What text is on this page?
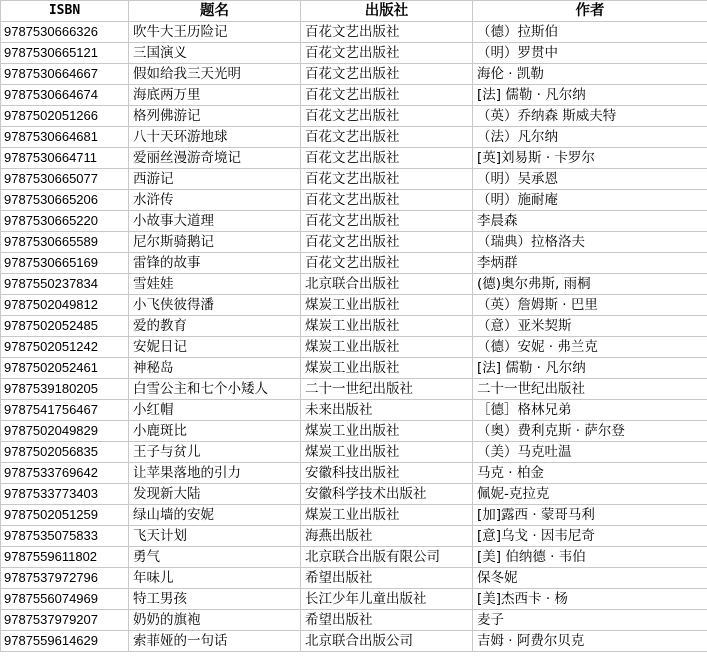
ISBN	题名	出版社	作者
9787530666326	吹牛大王历险记	百花文艺出版社	（德）拉斯伯
9787530665121	三国演义	百花文艺出版社	（明）罗贯中
9787530664667	假如给我三天光明	百花文艺出版社	海伦 · 凯勒
9787530664674	海底两万里	百花文艺出版社	[法] 儒勒 · 凡尔纳
9787502051266	格列佛游记	百花文艺出版社	（英）乔纳森 斯威夫特
9787530664681	八十天环游地球	百花文艺出版社	（法）凡尔纳
9787530664711	爱丽丝漫游奇境记	百花文艺出版社	[英]刘易斯 · 卡罗尔
9787530665077	西游记	百花文艺出版社	（明）吴承恩
9787530665206	水浒传	百花文艺出版社	（明）施耐庵
9787530665220	小故事大道理	百花文艺出版社	李晨森
9787530665589	尼尔斯骑鹅记	百花文艺出版社	（瑞典）拉格洛夫
9787530665169	雷锋的故事	百花文艺出版社	李炳群
9787550237834	雪娃娃	北京联合出版社	(德)奥尔弗斯, 雨桐
9787502049812	小飞侠彼得潘	煤炭工业出版社	（英）詹姆斯 · 巴里
9787502052485	爱的教育	煤炭工业出版社	（意）亚米契斯
9787502051242	安妮日记	煤炭工业出版社	（德）安妮 · 弗兰克
9787502052461	神秘岛	煤炭工业出版社	[法] 儒勒 · 凡尔纳
9787539180205	白雪公主和七个小矮人	二十一世纪出版社	二十一世纪出版社
9787541756467	小红帽	未来出版社	［德］格林兄弟
9787502049829	小鹿斑比	煤炭工业出版社	（奥）费利克斯 · 萨尔登
9787502056835	王子与贫儿	煤炭工业出版社	（美）马克吐温
9787533769642	让苹果落地的引力	安徽科技出版社	马克 · 柏金
9787533773403	发现新大陆	安徽科学技术出版社	佩妮-克拉克
9787502051259	绿山墙的安妮	煤炭工业出版社	[加]露西 · 蒙哥马利
9787535075833	飞天计划	海燕出版社	[意]乌戈 · 因韦尼奇
9787559611802	勇气	北京联合出版有限公司	[美] 伯纳德 · 韦伯
9787537972796	年味儿	希望出版社	保冬妮
9787556074969	特工男孩	长江少年儿童出版社	[美]杰西卡 · 杨
9787537979207	奶奶的旗袍	希望出版社	麦子
9787559614629	索菲娅的一句话	北京联合出版公司	吉姆 · 阿费尔贝克
